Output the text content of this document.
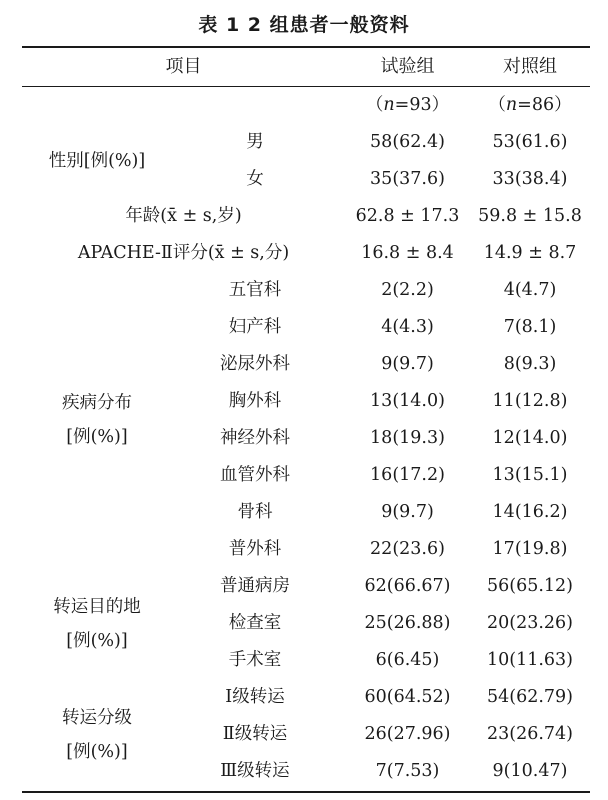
表 1 2 组患者一般资料
项目	试验组	对照组
（n=93）	（n=86）
性别[例(%)]
男	58(62.4)	53(61.6)
女	35(37.6)	33(38.4)
年龄(x̄ ± s,岁)	62.8 ± 17.3	59.8 ± 15.8
APACHE-Ⅱ评分(x̄ ± s,分)	16.8 ± 8.4	14.9 ± 8.7
疾病分布
[例(%)]
五官科	2(2.2)	4(4.7)
妇产科	4(4.3)	7(8.1)
泌尿外科	9(9.7)	8(9.3)
胸外科	13(14.0)	11(12.8)
神经外科	18(19.3)	12(14.0)
血管外科	16(17.2)	13(15.1)
骨科	9(9.7)	14(16.2)
普外科	22(23.6)	17(19.8)
转运目的地
[例(%)]
普通病房	62(66.67)	56(65.12)
检查室	25(26.88)	20(23.26)
手术室	6(6.45)	10(11.63)
转运分级
[例(%)]
Ⅰ级转运	60(64.52)	54(62.79)
Ⅱ级转运	26(27.96)	23(26.74)
Ⅲ级转运	7(7.53)	9(10.47)
